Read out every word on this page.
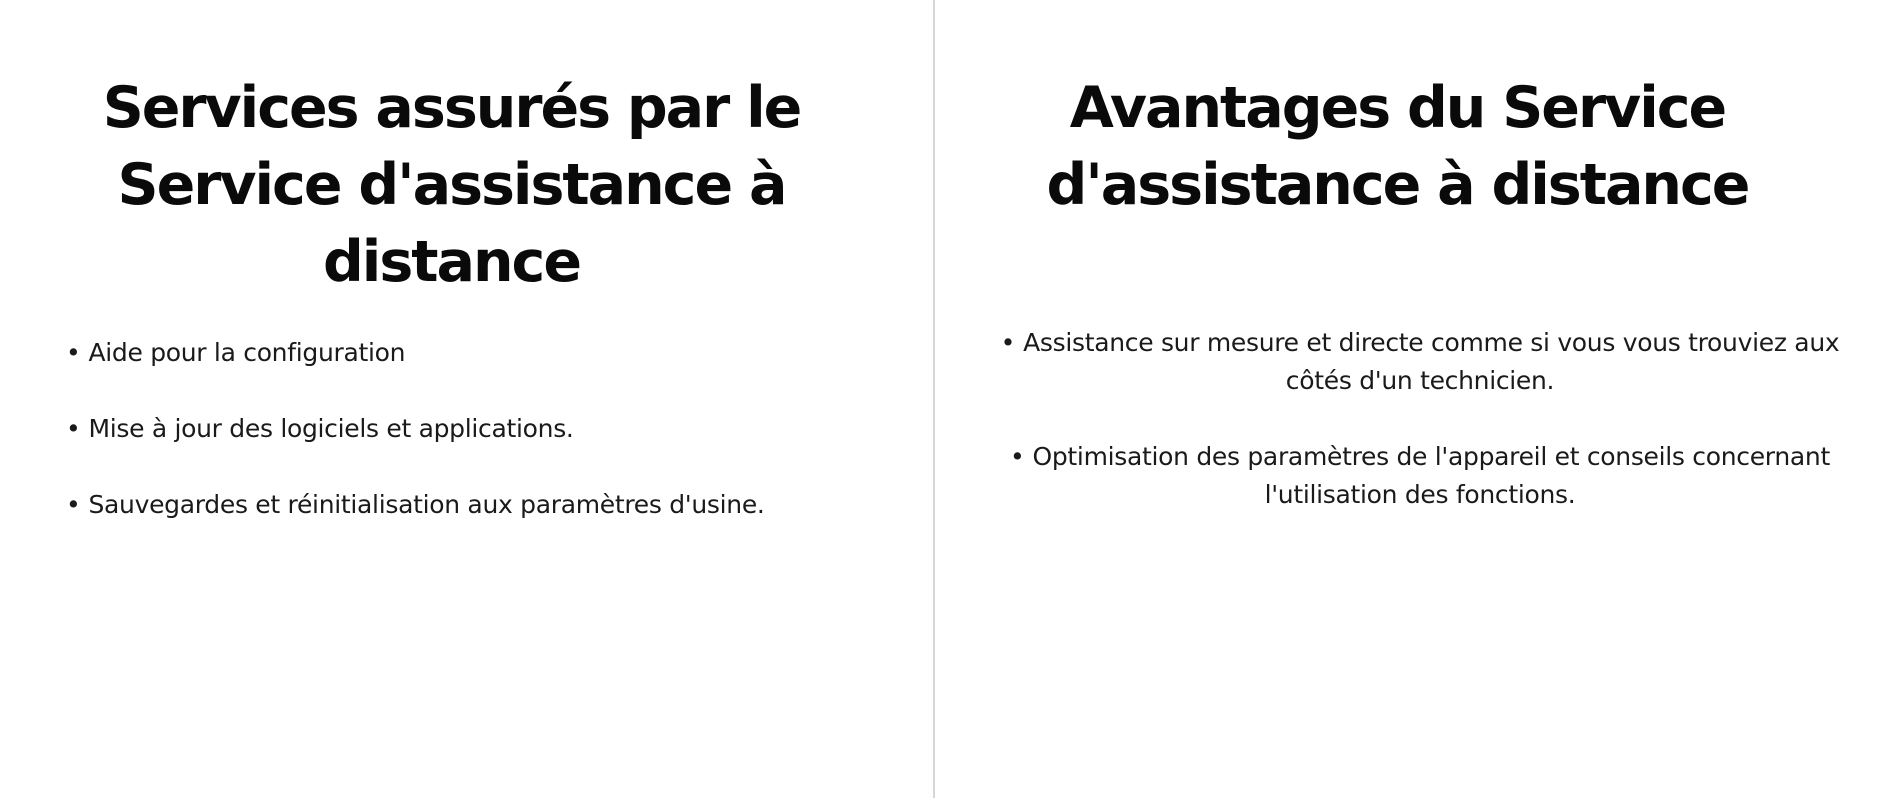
Services assurés par le Service d'assistance à distance
• Aide pour la configuration
• Mise à jour des logiciels et applications.
• Sauvegardes et réinitialisation aux paramètres d'usine.
Avantages du Service d'assistance à distance
• Assistance sur mesure et directe comme si vous vous trouviez aux côtés d'un technicien.
• Optimisation des paramètres de l'appareil et conseils concernant l'utilisation des fonctions.
